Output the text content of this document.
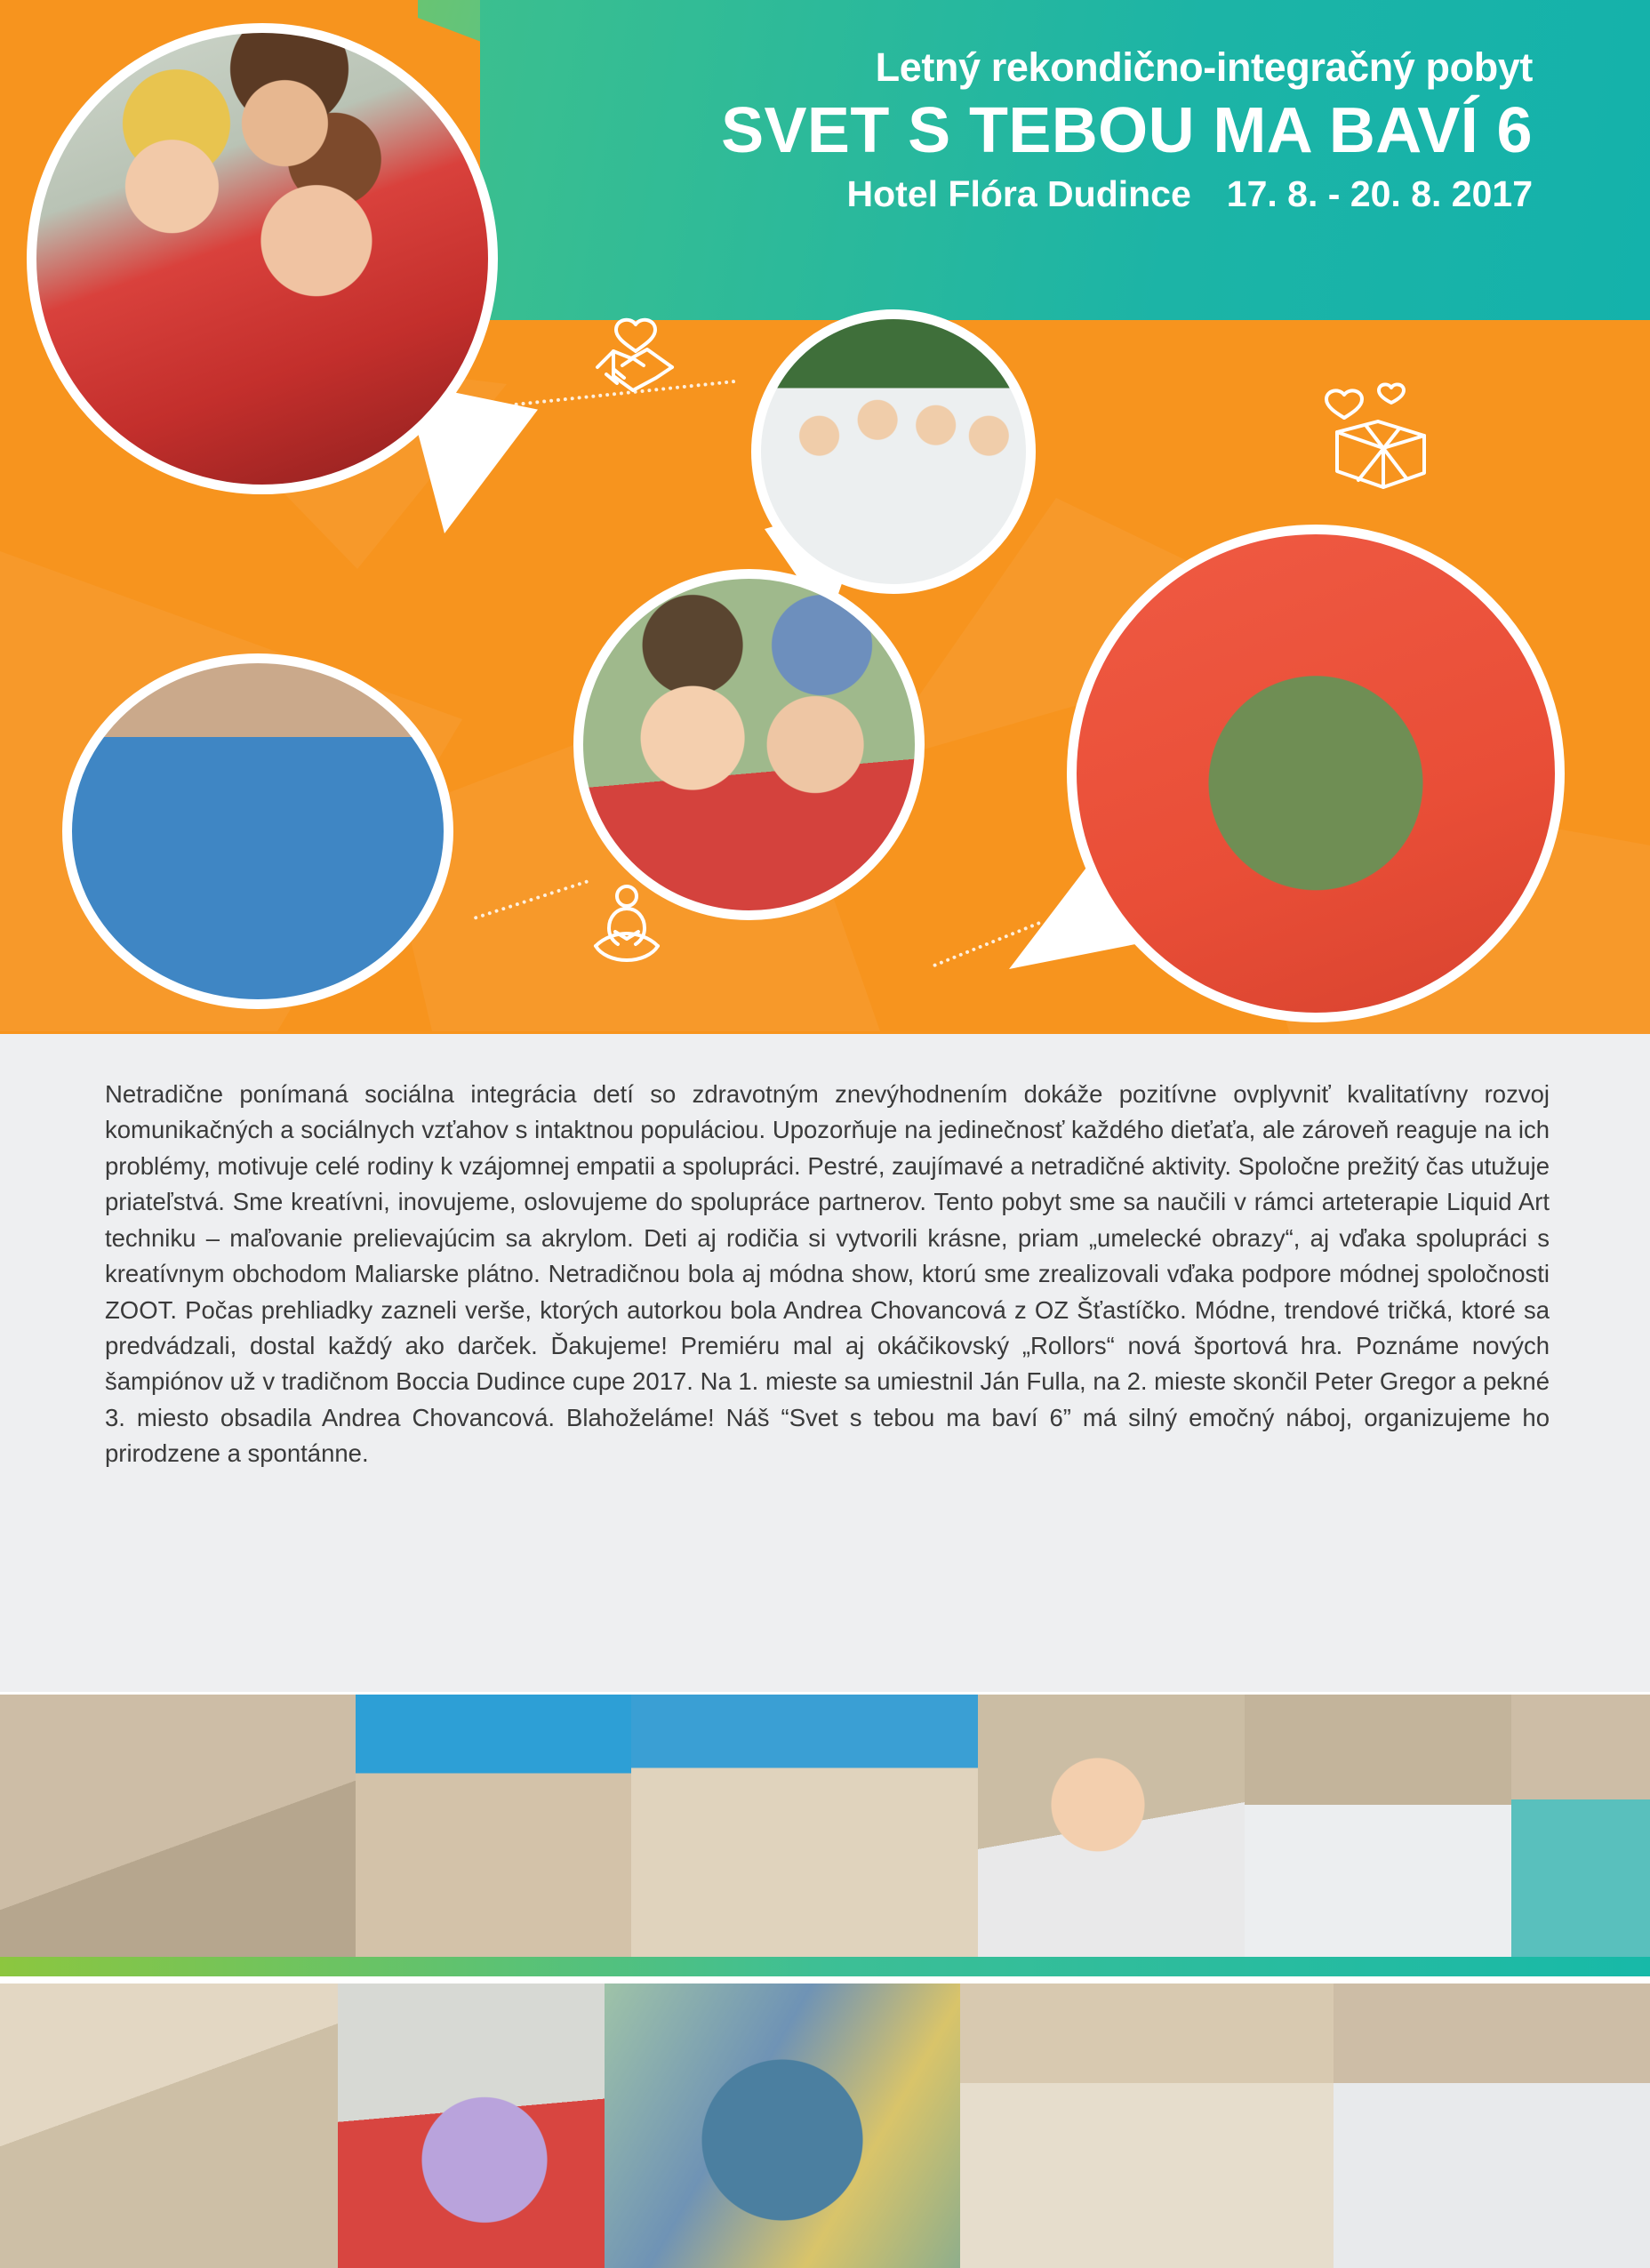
Letný rekondično-integračný pobyt
SVET S TEBOU MA BAVÍ 6
Hotel Flóra Dudince 17. 8. - 20. 8. 2017
Netradične ponímaná sociálna integrácia detí so zdravotným znevýhodnením dokáže pozitívne ovplyvniť kvalitatívny rozvoj komunikačných a sociálnych vzťahov s intaktnou populáciou. Upozorňuje na jedinečnosť každého dieťaťa, ale zároveň reaguje na ich problémy, motivuje celé rodiny k vzájomnej empatii a spolupráci. Pestré, zaujímavé a netradičné aktivity. Spoločne prežitý čas utužuje priateľstvá. Sme kreatívni, inovujeme, oslovujeme do spolupráce partnerov. Tento pobyt sme sa naučili v rámci arteterapie Liquid Art techniku – maľovanie prelievajúcim sa akrylom. Deti aj rodičia si vytvorili krásne, priam „umelecké obrazy“, aj vďaka spolupráci s kreatívnym obchodom Maliarske plátno. Netradičnou bola aj módna show, ktorú sme zrealizovali vďaka podpore módnej spoločnosti ZOOT. Počas prehliadky zazneli verše, ktorých autorkou bola Andrea Chovancová z OZ Šťastíčko. Módne, trendové tričká, ktoré sa predvádzali, dostal každý ako darček. Ďakujeme! Premiéru mal aj okáčikovský „Rollors“ nová športová hra. Poznáme nových šampiónov už v tradičnom Boccia Dudince cupe 2017. Na 1. mieste sa umiestnil Ján Fulla, na 2. mieste skončil Peter Gregor a pekné 3. miesto obsadila Andrea Chovancová. Blahoželáme! Náš “Svet s tebou ma baví 6” má silný emočný náboj, organizujeme ho prirodzene a spontánne.
